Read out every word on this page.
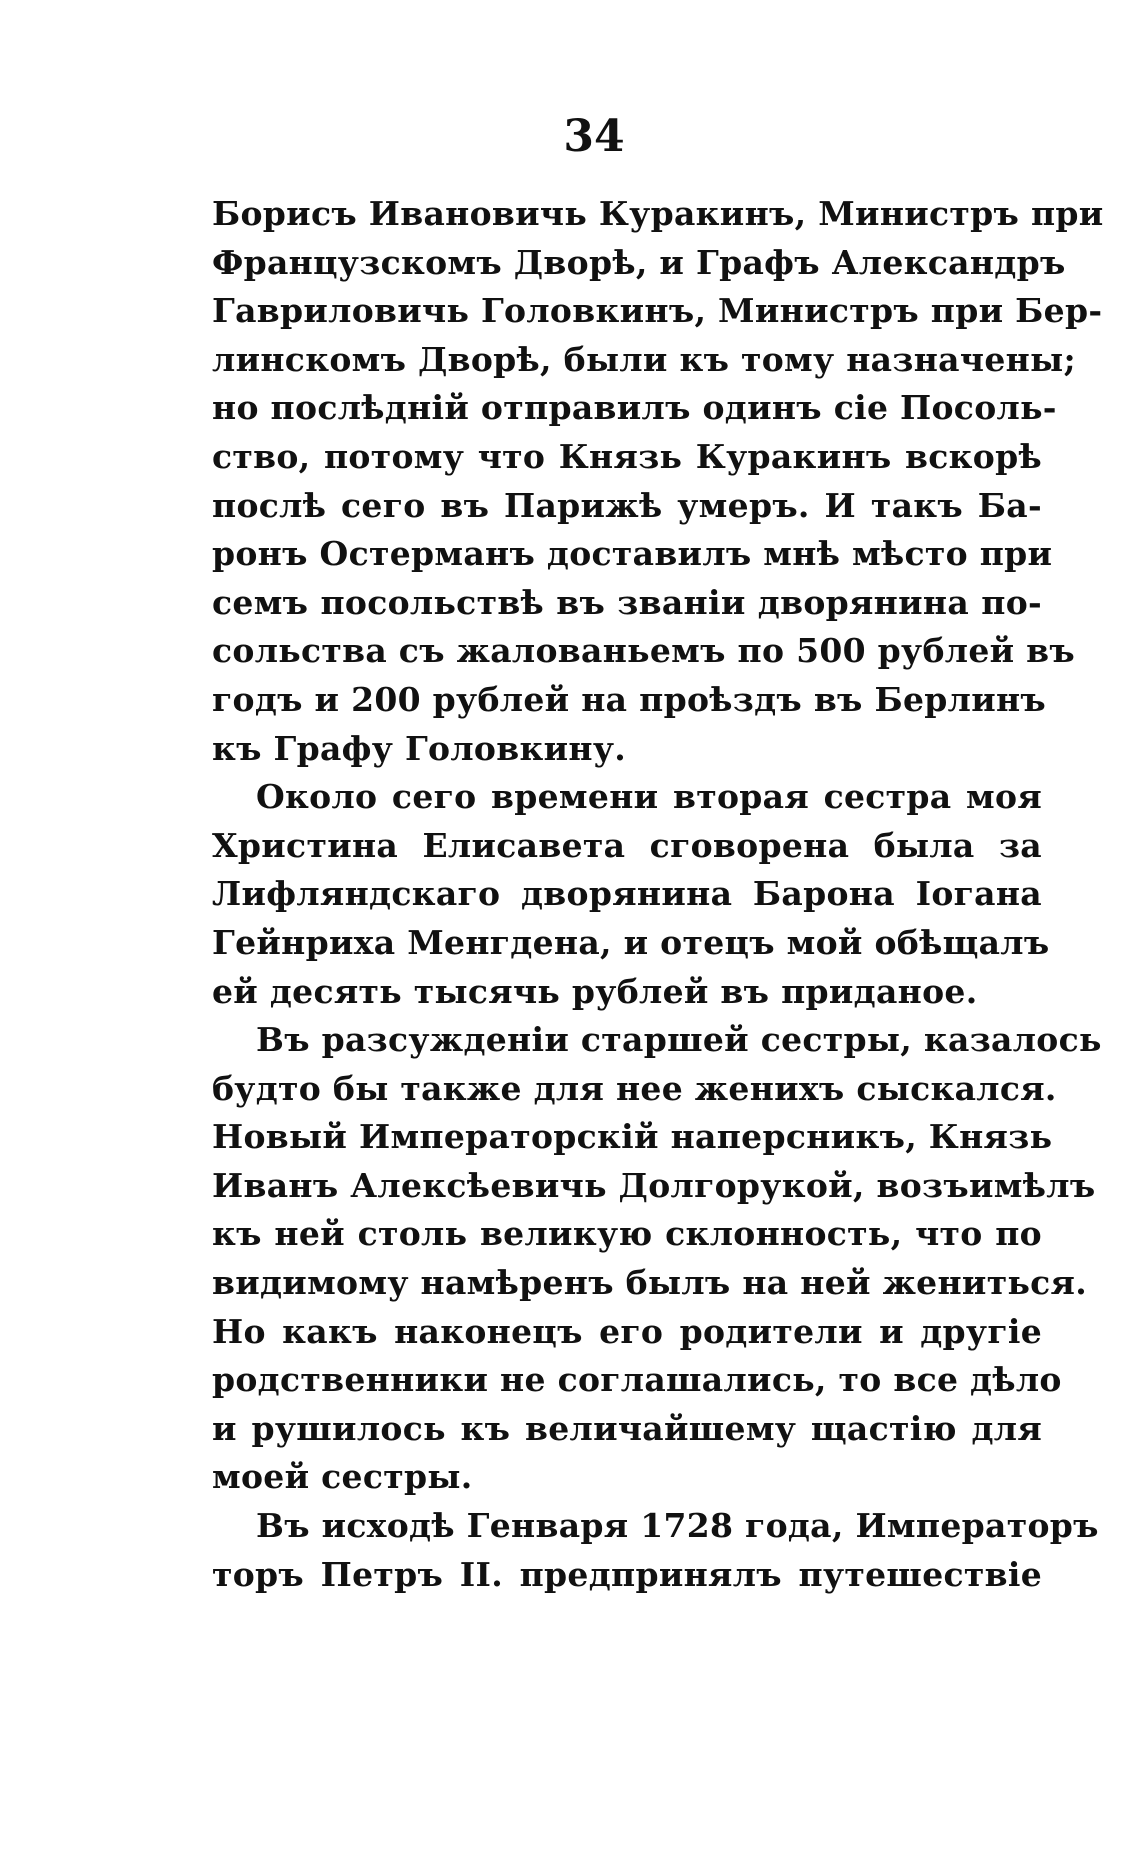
34
Борисъ Ивановичь Куракинъ, Министръ при
Французскомъ Дворѣ, и Графъ Александръ
Гавриловичь Головкинъ, Министръ при Бер-
линскомъ Дворѣ, были къ тому назначены;
но послѣдній отправилъ одинъ сіе Посоль-
ство, потому что Князь Куракинъ вскорѣ
послѣ сего въ Парижѣ умеръ. И такъ Ба-
ронъ Остерманъ доставилъ мнѣ мѣсто при
семъ посольствѣ въ званіи дворянина по-
сольства съ жалованьемъ по 500 рублей въ
годъ и 200 рублей на проѣздъ въ Берлинъ
къ Графу Головкину.
Около сего времени вторая сестра моя
Христина Елисавета сговорена была за
Лифляндскаго дворянина Барона Іогана
Гейнриха Менгдена, и отецъ мой обѣщалъ
ей десять тысячь рублей въ приданое.
Въ разсужденіи старшей сестры, казалось
будто бы также для нее женихъ сыскался.
Новый Императорскій наперсникъ, Князь
Иванъ Алексѣевичь Долгорукой, возъимѣлъ
къ ней столь великую склонность, что по
видимому намѣренъ былъ на ней жениться.
Но какъ наконецъ его родители и другіе
родственники не соглашались, то все дѣло
и рушилось къ величайшему щастію для
моей сестры.
Въ исходѣ Генваря 1728 года, Императоръ
торъ Петръ II. предпринялъ путешествіе
